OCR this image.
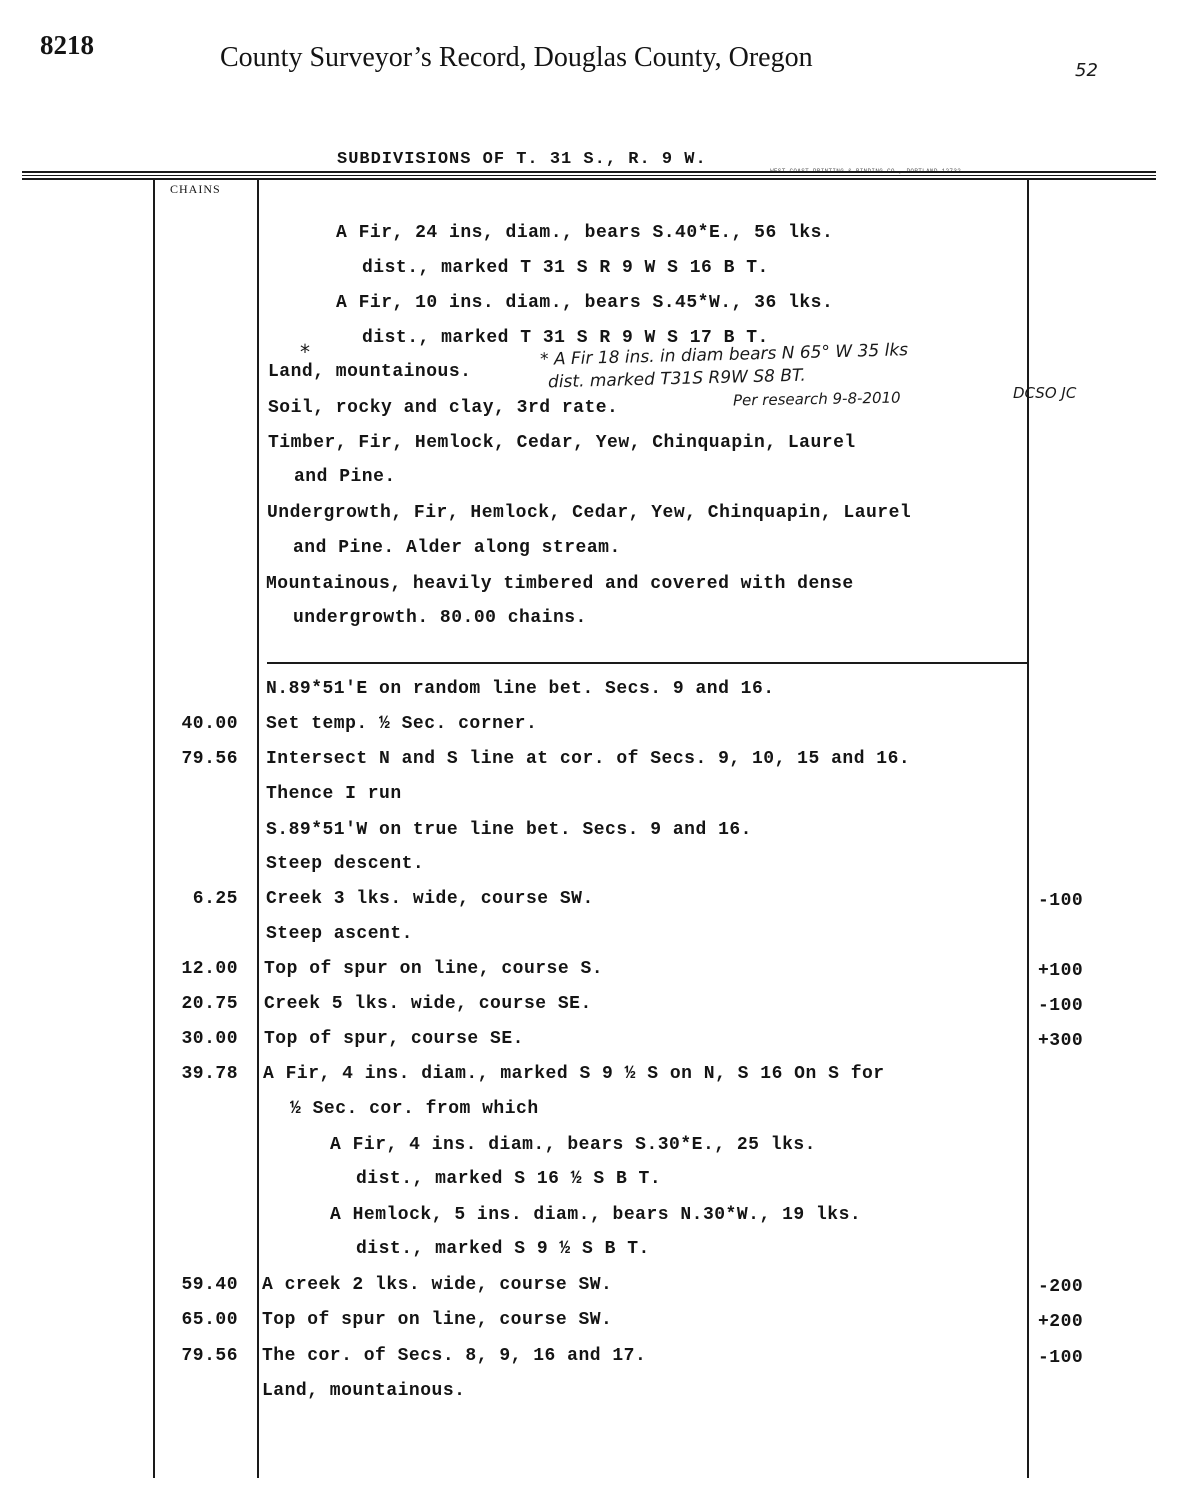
8218	County Surveyor’s Record, Douglas County, Oregon	52
SUBDIVISIONS OF T. 31 S., R. 9 W.
CHAINS
A Fir, 24 ins, diam., bears S.40*E., 56 lks.
dist., marked T 31 S R 9 W S 16 B T.
A Fir, 10 ins. diam., bears S.45*W., 36 lks.
dist., marked T 31 S R 9 W S 17 B T.
Land, mountainous.
Soil, rocky and clay, 3rd rate.
Timber, Fir, Hemlock, Cedar, Yew, Chinquapin, Laurel
and Pine.
Undergrowth, Fir, Hemlock, Cedar, Yew, Chinquapin, Laurel
and Pine. Alder along stream.
Mountainous, heavily timbered and covered with dense
undergrowth. 80.00 chains.
*	* A Fir 18 ins. in diam bears N 65° W 35 lks
dist. marked T31S R9W S8 BT.
Per research 9-8-2010	DCSO JC
N.89*51'E on random line bet. Secs. 9 and 16.
40.00 Set temp. ½ Sec. corner.
79.56 Intersect N and S line at cor. of Secs. 9, 10, 15 and 16.
Thence I run
S.89*51'W on true line bet. Secs. 9 and 16.
Steep descent.
6.25 Creek 3 lks. wide, course SW.	-100
Steep ascent.
12.00 Top of spur on line, course S.	+100
20.75 Creek 5 lks. wide, course SE.	-100
30.00 Top of spur, course SE.	+300
39.78 A Fir, 4 ins. diam., marked S 9 ½ S on N, S 16 On S for
½ Sec. cor. from which
A Fir, 4 ins. diam., bears S.30*E., 25 lks.
dist., marked S 16 ½ S B T.
A Hemlock, 5 ins. diam., bears N.30*W., 19 lks.
dist., marked S 9 ½ S B T.
59.40 A creek 2 lks. wide, course SW.	-200
65.00 Top of spur on line, course SW.	+200
79.56 The cor. of Secs. 8, 9, 16 and 17.	-100
Land, mountainous.
